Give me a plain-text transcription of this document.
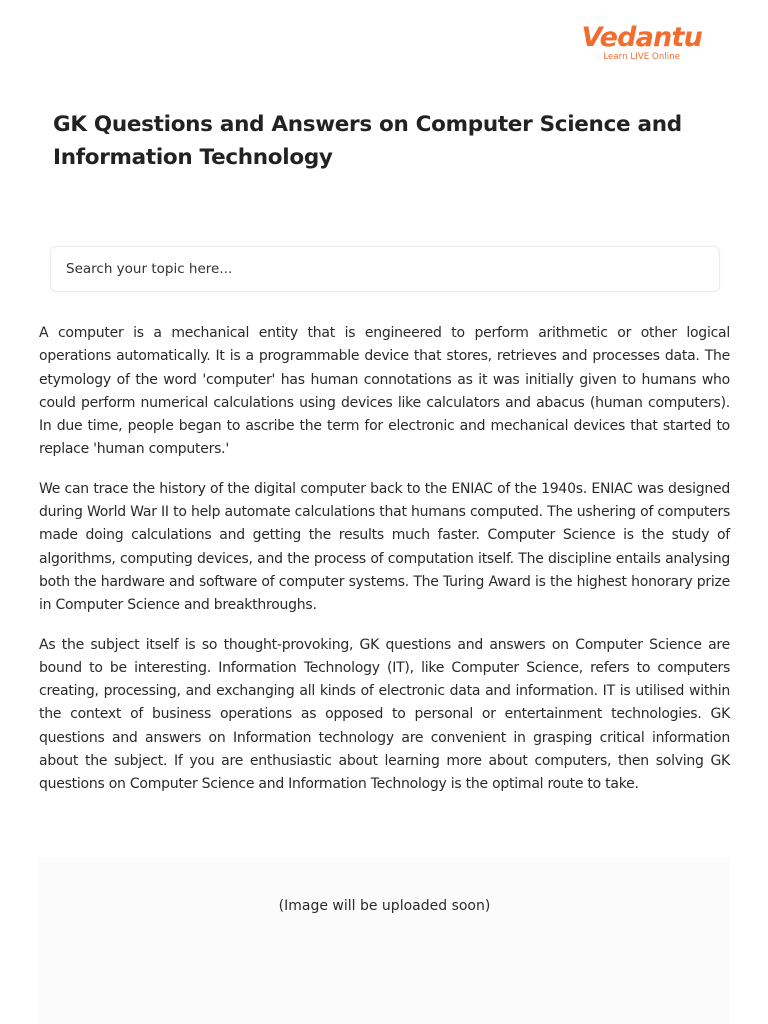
Vedantu
Learn LIVE Online
GK Questions and Answers on Computer Science and Information Technology
Search your topic here...

A computer is a mechanical entity that is engineered to perform arithmetic or other logical operations automatically. It is a programmable device that stores, retrieves and processes data. The etymology of the word 'computer' has human connotations as it was initially given to humans who could perform numerical calculations using devices like calculators and abacus (human computers). In due time, people began to ascribe the term for electronic and mechanical devices that started to replace 'human computers.'

We can trace the history of the digital computer back to the ENIAC of the 1940s. ENIAC was designed during World War II to help automate calculations that humans computed. The ushering of computers made doing calculations and getting the results much faster. Computer Science is the study of algorithms, computing devices, and the process of computation itself. The discipline entails analysing both the hardware and software of computer systems. The Turing Award is the highest honorary prize in Computer Science and breakthroughs.

As the subject itself is so thought-provoking, GK questions and answers on Computer Science are bound to be interesting. Information Technology (IT), like Computer Science, refers to computers creating, processing, and exchanging all kinds of electronic data and information. IT is utilised within the context of business operations as opposed to personal or entertainment technologies. GK questions and answers on Information technology are convenient in grasping critical information about the subject. If you are enthusiastic about learning more about computers, then solving GK questions on Computer Science and Information Technology is the optimal route to take.

(Image will be uploaded soon)
